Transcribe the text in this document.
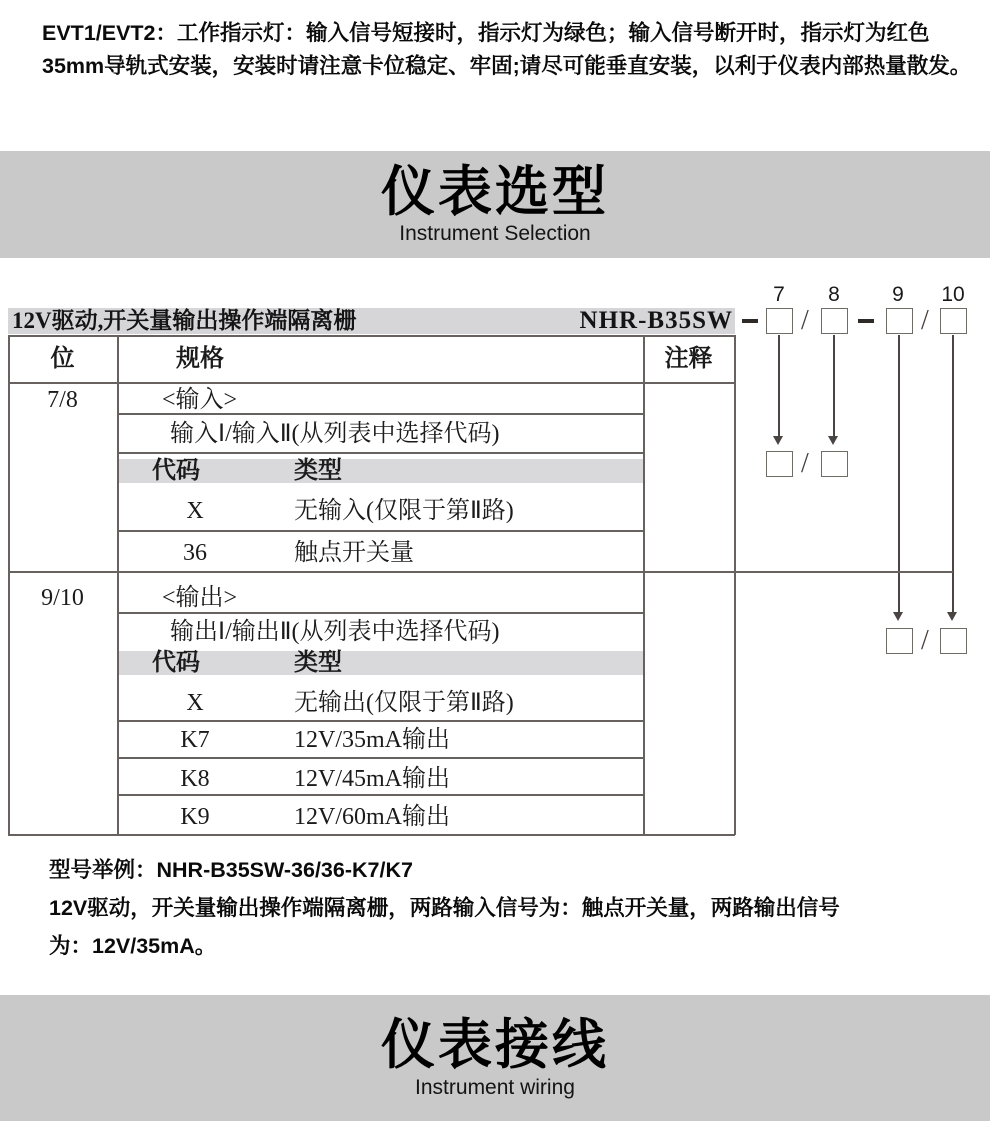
EVT1/EVT2：工作指示灯：输入信号短接时，指示灯为绿色；输入信号断开时，指示灯为红色
35mm导轨式安装，安装时请注意卡位稳定、牢固;请尽可能垂直安装，以利于仪表内部热量散发。
仪表选型
Instrument Selection
7	8	9	10
12V驱动,开关量输出操作端隔离栅	NHR-B35SW /	/
/
/
位	规格	注释
7/8	<输入>
输入Ⅰ/输入Ⅱ(从列表中选择代码)
代码	类型
X	无输入(仅限于第Ⅱ路)
36	触点开关量
9/10	<输出>
输出Ⅰ/输出Ⅱ(从列表中选择代码)
代码	类型
X	无输出(仅限于第Ⅱ路)
K7	12V/35mA输出
K8	12V/45mA输出
K9	12V/60mA输出
型号举例：NHR-B35SW-36/36-K7/K7
12V驱动，开关量输出操作端隔离栅，两路输入信号为：触点开关量，两路输出信号
为：12V/35mA。
仪表接线
Instrument wiring
